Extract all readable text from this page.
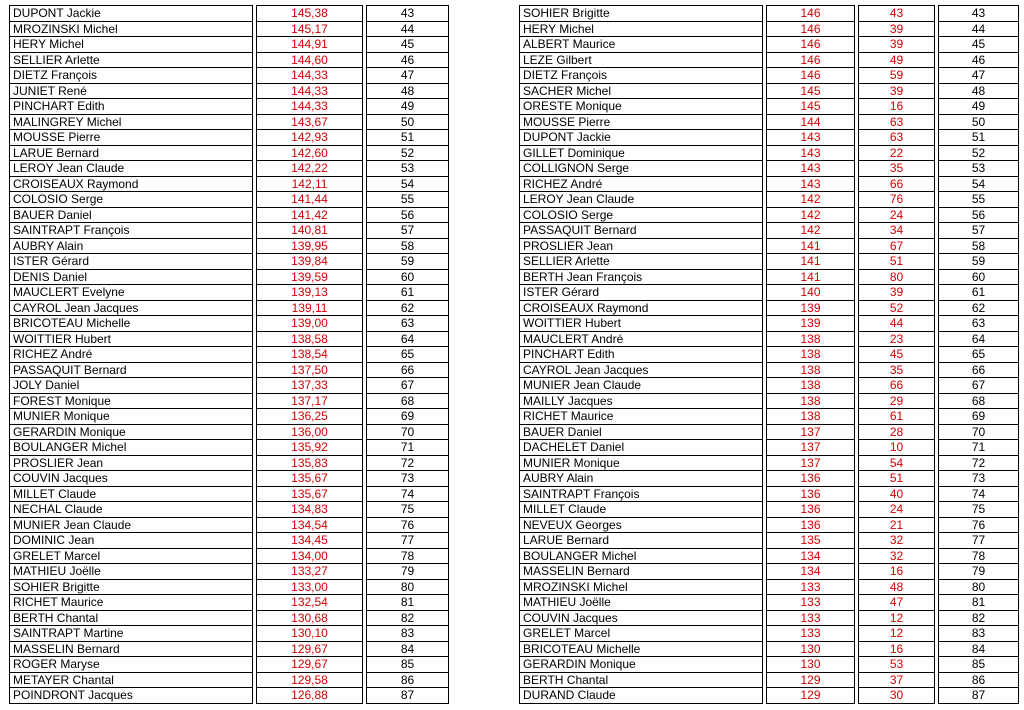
DUPONT Jackie		145,38		43
MROZINSKI Michel		145,17		44
HERY Michel		144,91		45
SELLIER Arlette		144,60		46
DIETZ François		144,33		47
JUNIET René		144,33		48
PINCHART Edith		144,33		49
MALINGREY Michel		143,67		50
MOUSSE Pierre		142,93		51
LARUE Bernard		142,60		52
LEROY Jean Claude		142,22		53
CROISEAUX Raymond		142,11		54
COLOSIO Serge		141,44		55
BAUER Daniel		141,42		56
SAINTRAPT François		140,81		57
AUBRY Alain		139,95		58
ISTER Gérard		139,84		59
DENIS Daniel		139,59		60
MAUCLERT Evelyne		139,13		61
CAYROL Jean Jacques		139,11		62
BRICOTEAU Michelle		139,00		63
WOITTIER Hubert		138,58		64
RICHEZ André		138,54		65
PASSAQUIT Bernard		137,50		66
JOLY Daniel		137,33		67
FOREST Monique		137,17		68
MUNIER Monique		136,25		69
GERARDIN Monique		136,00		70
BOULANGER Michel		135,92		71
PROSLIER Jean		135,83		72
COUVIN Jacques		135,67		73
MILLET Claude		135,67		74
NECHAL Claude		134,83		75
MUNIER Jean Claude		134,54		76
DOMINIC Jean		134,45		77
GRELET Marcel		134,00		78
MATHIEU Joëlle		133,27		79
SOHIER Brigitte		133,00		80
RICHET Maurice		132,54		81
BERTH Chantal		130,68		82
SAINTRAPT Martine		130,10		83
MASSELIN Bernard		129,67		84
ROGER Maryse		129,67		85
METAYER Chantal		129,58		86
POINDRONT Jacques		126,88		87
SOHIER Brigitte		146		43		43
HERY Michel		146		39		44
ALBERT Maurice		146		39		45
LEZE Gilbert		146		49		46
DIETZ François		146		59		47
SACHER Michel		145		39		48
ORESTE Monique		145		16		49
MOUSSE Pierre		144		63		50
DUPONT Jackie		143		63		51
GILLET Dominique		143		22		52
COLLIGNON Serge		143		35		53
RICHEZ André		143		66		54
LEROY Jean Claude		142		76		55
COLOSIO Serge		142		24		56
PASSAQUIT Bernard		142		34		57
PROSLIER Jean		141		67		58
SELLIER Arlette		141		51		59
BERTH Jean François		141		80		60
ISTER Gérard		140		39		61
CROISEAUX Raymond		139		52		62
WOITTIER Hubert		139		44		63
MAUCLERT André		138		23		64
PINCHART Edith		138		45		65
CAYROL Jean Jacques		138		35		66
MUNIER Jean Claude		138		66		67
MAILLY Jacques		138		29		68
RICHET Maurice		138		61		69
BAUER Daniel		137		28		70
DACHELET Daniel		137		10		71
MUNIER Monique		137		54		72
AUBRY Alain		136		51		73
SAINTRAPT François		136		40		74
MILLET Claude		136		24		75
NEVEUX Georges		136		21		76
LARUE Bernard		135		32		77
BOULANGER Michel		134		32		78
MASSELIN Bernard		134		16		79
MROZINSKI Michel		133		48		80
MATHIEU Joëlle		133		47		81
COUVIN Jacques		133		12		82
GRELET Marcel		133		12		83
BRICOTEAU Michelle		130		16		84
GERARDIN Monique		130		53		85
BERTH Chantal		129		37		86
DURAND Claude		129		30		87
